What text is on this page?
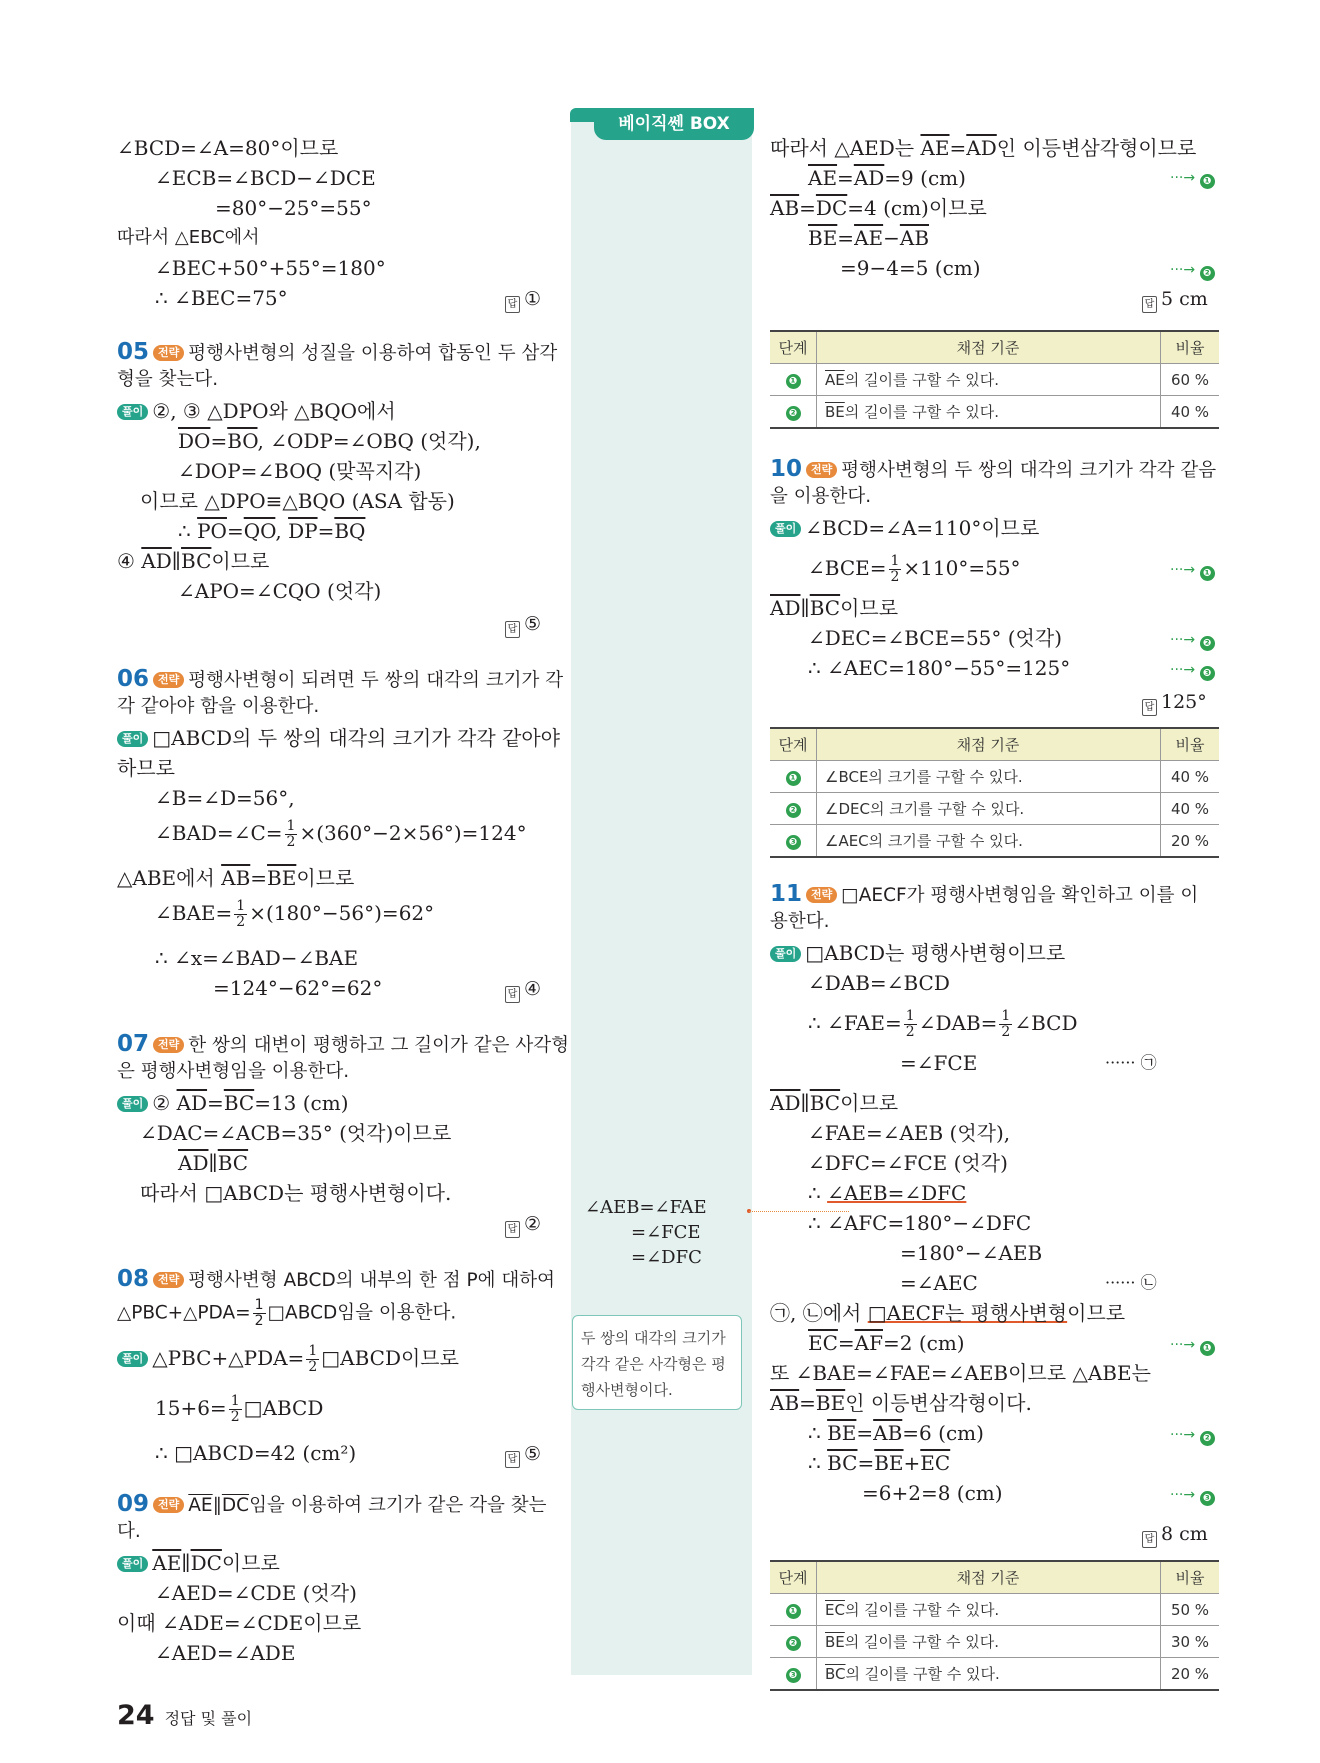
베이직쎈 BOX
∠AEB=∠FAE
=∠FCE
=∠DFC
두 쌍의 대각의 크기가 각각 같은 사각형은 평행사변형이다.
∠BCD=∠A=80°이므로
∠ECB=∠BCD−∠DCE
=80°−25°=55°
따라서 △EBC에서
∠BEC+50°+55°=180°
∴ ∠BEC=75°	답 ①
05 전략 평행사변형의 성질을 이용하여 합동인 두 삼각
형을 찾는다.
풀이 ②, ③ △DPO와 △BQO에서
$\overline{DO}=\overline{BO}$, ∠ODP=∠OBQ (엇각),
∠DOP=∠BOQ (맞꼭지각)
이므로 △DPO≡△BQO (ASA 합동)
∴ $\overline{PO}=\overline{QO}$, $\overline{DP}=\overline{BQ}$
④ $\overline{AD}\parallel\overline{BC}$이므로
∠APO=∠CQO (엇각)
답 ⑤
06 전략 평행사변형이 되려면 두 쌍의 대각의 크기가 각
각 같아야 함을 이용한다.
풀이 □ABCD의 두 쌍의 대각의 크기가 각각 같아야
하므로
∠B=∠D=56°,
∠BAD=∠C= $\frac{1}{2} \times(360^\circ-2\times 56^\circ)=124^\circ$
△ABE에서 $\overline{AB}=\overline{BE}$이므로
∠BAE= $\frac{1}{2} \times(180^\circ-56^\circ)=62^\circ$
∴ ∠x=∠BAD−∠BAE
=124°−62°=62°	답 ④
07 전략 한 쌍의 대변이 평행하고 그 길이가 같은 사각형
은 평행사변형임을 이용한다.
풀이 ② $\overline{AD}=\overline{BC}=13$ (cm)
∠DAC=∠ACB=35° (엇각)이므로
$\overline{AD}\parallel\overline{BC}$
따라서 □ABCD는 평행사변형이다.
답 ②
08 전략 평행사변형 ABCD의 내부의 한 점 P에 대하여
△PBC+△PDA= $\frac{1}{2}$ □ABCD임을 이용한다.
풀이 △PBC+△PDA= $\frac{1}{2}$ □ABCD이므로
$15+6= \frac{1}{2}$ □ABCD
∴ □ABCD=42 (cm²)	답 ⑤
09 전략 $\overline{AE}\parallel\overline{DC}$임을 이용하여 크기가 같은 각을 찾는
다.
풀이 $\overline{AE}\parallel\overline{DC}$이므로
∠AED=∠CDE (엇각)
이때 ∠ADE=∠CDE이므로
∠AED=∠ADE
따라서 △AED는 $\overline{AE}=\overline{AD}$인 이등변삼각형이므로
$\overline{AE}=\overline{AD}=9$ (cm)	···→ ❶
$\overline{AB}=\overline{DC}=4$ (cm)이므로
$\overline{BE}=\overline{AE}-\overline{AB}$
=9−4=5 (cm)	···→ ❷
답 5 cm
단계	채점 기준	비율
❶	$\overline{AE}$의 길이를 구할 수 있다.	60 %
❷	$\overline{BE}$의 길이를 구할 수 있다.	40 %
10 전략 평행사변형의 두 쌍의 대각의 크기가 각각 같음
을 이용한다.
풀이 ∠BCD=∠A=110°이므로
∠BCE= $\frac{1}{2} \times 110^\circ=55^\circ$	···→ ❶
$\overline{AD}\parallel\overline{BC}$이므로
∠DEC=∠BCE=55° (엇각)	···→ ❷
∴ ∠AEC=180°−55°=125°	···→ ❸
답 125°
단계	채점 기준	비율
❶	∠BCE의 크기를 구할 수 있다.	40 %
❷	∠DEC의 크기를 구할 수 있다.	40 %
❸	∠AEC의 크기를 구할 수 있다.	20 %
11 전략 □AECF가 평행사변형임을 확인하고 이를 이
용한다.
풀이 □ABCD는 평행사변형이므로
∠DAB=∠BCD
∴ ∠FAE= $\frac{1}{2}$ ∠DAB= $\frac{1}{2}$ ∠BCD
=∠FCE	······ ㉠
$\overline{AD}\parallel\overline{BC}$이므로
∠FAE=∠AEB (엇각),
∠DFC=∠FCE (엇각)
∴ ∠AEB=∠DFC
∴ ∠AFC=180°−∠DFC
=180°−∠AEB
=∠AEC	······ ㉡
㉠, ㉡에서 □AECF는 평행사변형이므로
$\overline{EC}=\overline{AF}=2$ (cm)	···→ ❶
또 ∠BAE=∠FAE=∠AEB이므로 △ABE는
$\overline{AB}=\overline{BE}$인 이등변삼각형이다.
∴ $\overline{BE}=\overline{AB}=6$ (cm)	···→ ❷
∴ $\overline{BC}=\overline{BE}+\overline{EC}$
=6+2=8 (cm)	···→ ❸
답 8 cm
단계	채점 기준	비율
❶	$\overline{EC}$의 길이를 구할 수 있다.	50 %
❷	$\overline{BE}$의 길이를 구할 수 있다.	30 %
❸	$\overline{BC}$의 길이를 구할 수 있다.	20 %
24 정답 및 풀이
